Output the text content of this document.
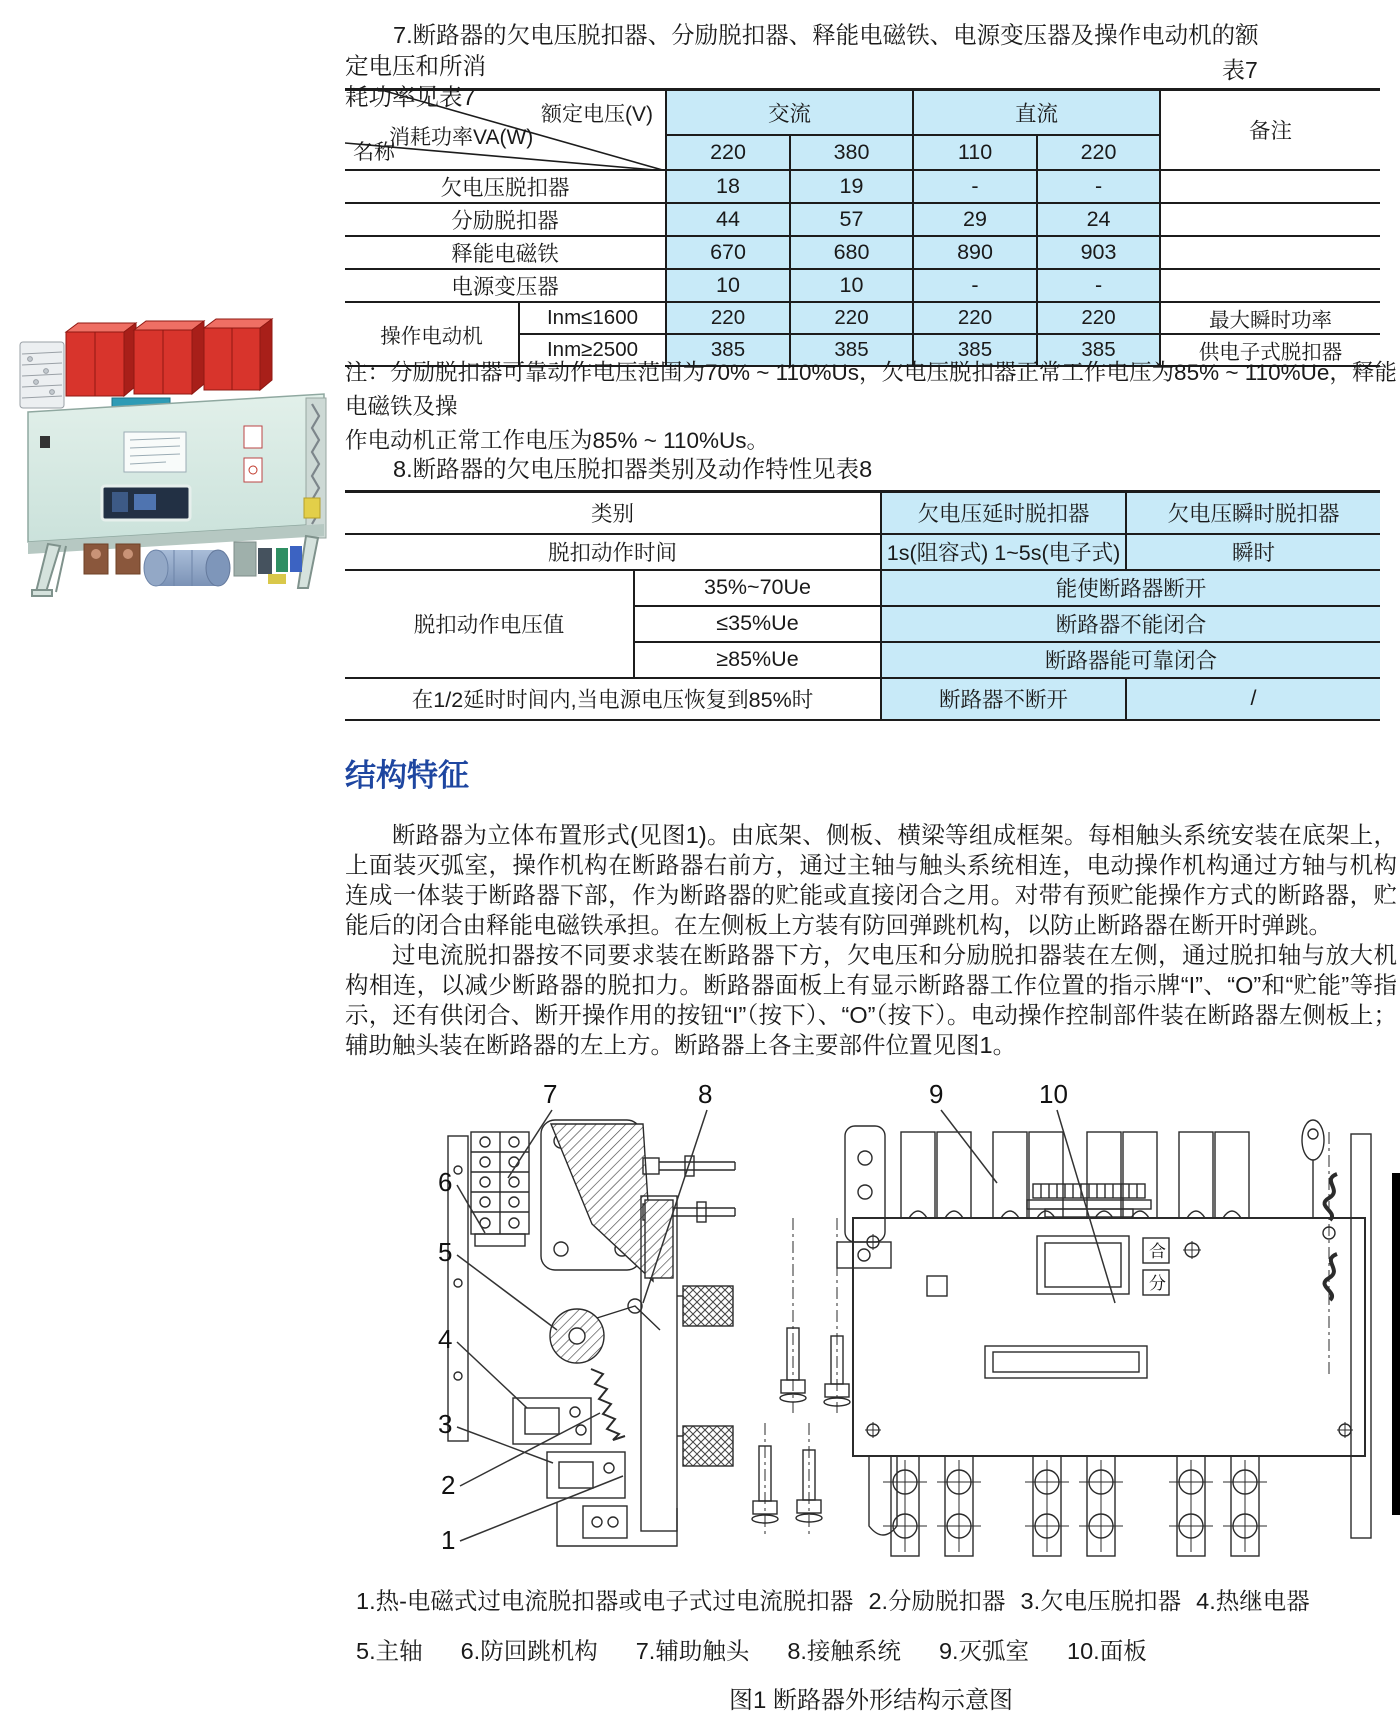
7.断路器的欠电压脱扣器、分励脱扣器、释能电磁铁、电源变压器及操作电动机的额定电压和所消
耗功率见表7
表7
额定电压(V)
消耗功率VA(W)
名称		交流		直流		备注
		220	380	110	220	
欠电压脱扣器		18	19	-	-	
分励脱扣器		44	57	29	24	
释能电磁铁		670	680	890	903	
电源变压器		10	10	-	-	
操作电动机	Inm≤1600	220	220	220	220	最大瞬时功率
	Inm≥2500	385	385	385	385	供电子式脱扣器
注：分励脱扣器可靠动作电压范围为70% ~ 110%Us，欠电压脱扣器正常工作电压为85% ~ 110%Ue，释能电磁铁及操
作电动机正常工作电压为85% ~ 110%Us。
8.断路器的欠电压脱扣器类别及动作特性见表8
类别		欠电压延时脱扣器	欠电压瞬时脱扣器
脱扣动作时间		1s(阻容式) 1~5s(电子式)	瞬时
脱扣动作电压值	35%~70Ue	能使断路器断开	
	≤35%Ue	断路器不能闭合	
	≥85%Ue	断路器能可靠闭合	
在1/2延时时间内,当电源电压恢复到85%时		断路器不断开	/
结构特征

断路器为立体布置形式(见图1)。由底架、侧板、横梁等组成框架。每相触头系统安装在底架上，上面装灭弧室，操作机构在断路器右前方，通过主轴与触头系统相连，电动操作机构通过方轴与机构连成一体装于断路器下部，作为断路器的贮能或直接闭合之用。对带有预贮能操作方式的断路器，贮能后的闭合由释能电磁铁承担。在左侧板上方装有防回弹跳机构，以防止断路器在断开时弹跳。

过电流脱扣器按不同要求装在断路器下方，欠电压和分励脱扣器装在左侧，通过脱扣轴与放大机构相连，以减少断路器的脱扣力。断路器面板上有显示断路器工作位置的指示牌“I”、“O”和“贮能”等指示，还有供闭合、断开操作用的按钮“I”（按下）、“O”（按下）。电动操作控制部件装在断路器左侧板上；辅助触头装在断路器的左上方。断路器上各主要部件位置见图1。

合
分
7	8
6
5
4
3
2
1
9	10
1.热-电磁式过电流脱扣器或电子式过电流脱扣器 2.分励脱扣器 3.欠电压脱扣器 4.热继电器
5.主轴 6.防回跳机构 7.辅助触头 8.接触系统 9.灭弧室 10.面板
图1 断路器外形结构示意图
